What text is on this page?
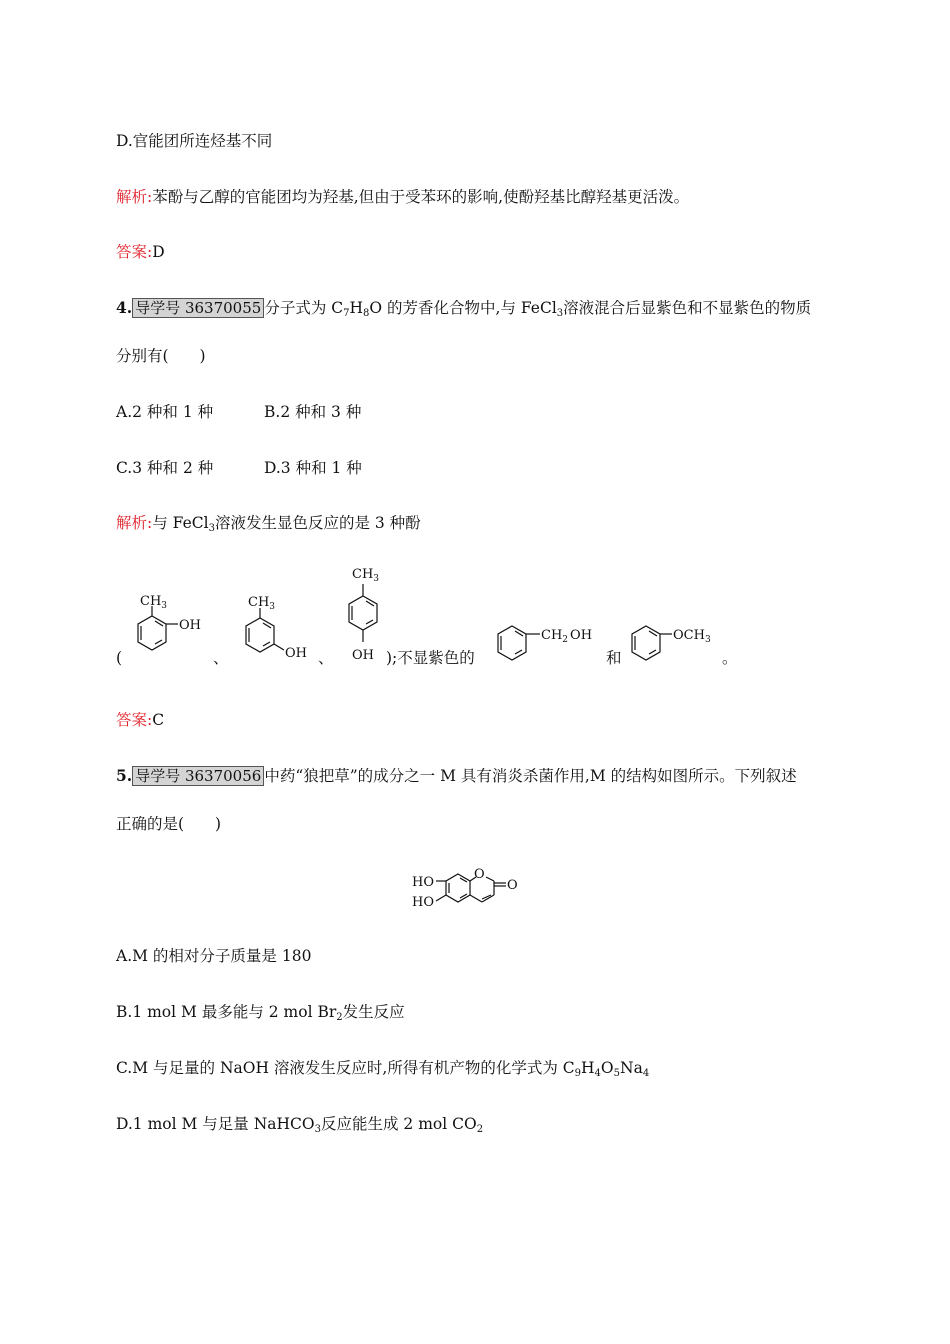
D.官能团所连烃基不同
解析:苯酚与乙醇的官能团均为羟基,但由于受苯环的影响,使酚羟基比醇羟基更活泼。
答案:D
4. 导学号 36370055 分子式为 $C_7H_8O$ 的芳香化合物中,与 FeCl$_3$溶液混合后显紫色和不显紫色的物质
分别有(　　)
A.2 种和 1 种	B.2 种和 3 种
C.3 种和 2 种	D.3 种和 1 种
解析:与 FeCl$_3$溶液发生显色反应的是 3 种酚
(
$CH_3$
OH
、
$CH_3$
OH 、
$CH_3$
OH );不显紫色的
$CH_2$ OH
和
$OCH_3$
。
答案:C
5. 导学号 36370056 中药“狼把草”的成分之一 M 具有消炎杀菌作用,M 的结构如图所示。下列叙述
正确的是(　　)
O
O
HO
HO
A.M 的相对分子质量是 180
B.1 mol M 最多能与 2 mol $Br_2$发生反应
C.M 与足量的 NaOH 溶液发生反应时,所得有机产物的化学式为 $C_9H_4O_5Na_4$
D.1 mol M 与足量 NaHCO$_3$反应能生成 2 mol $CO_2$
